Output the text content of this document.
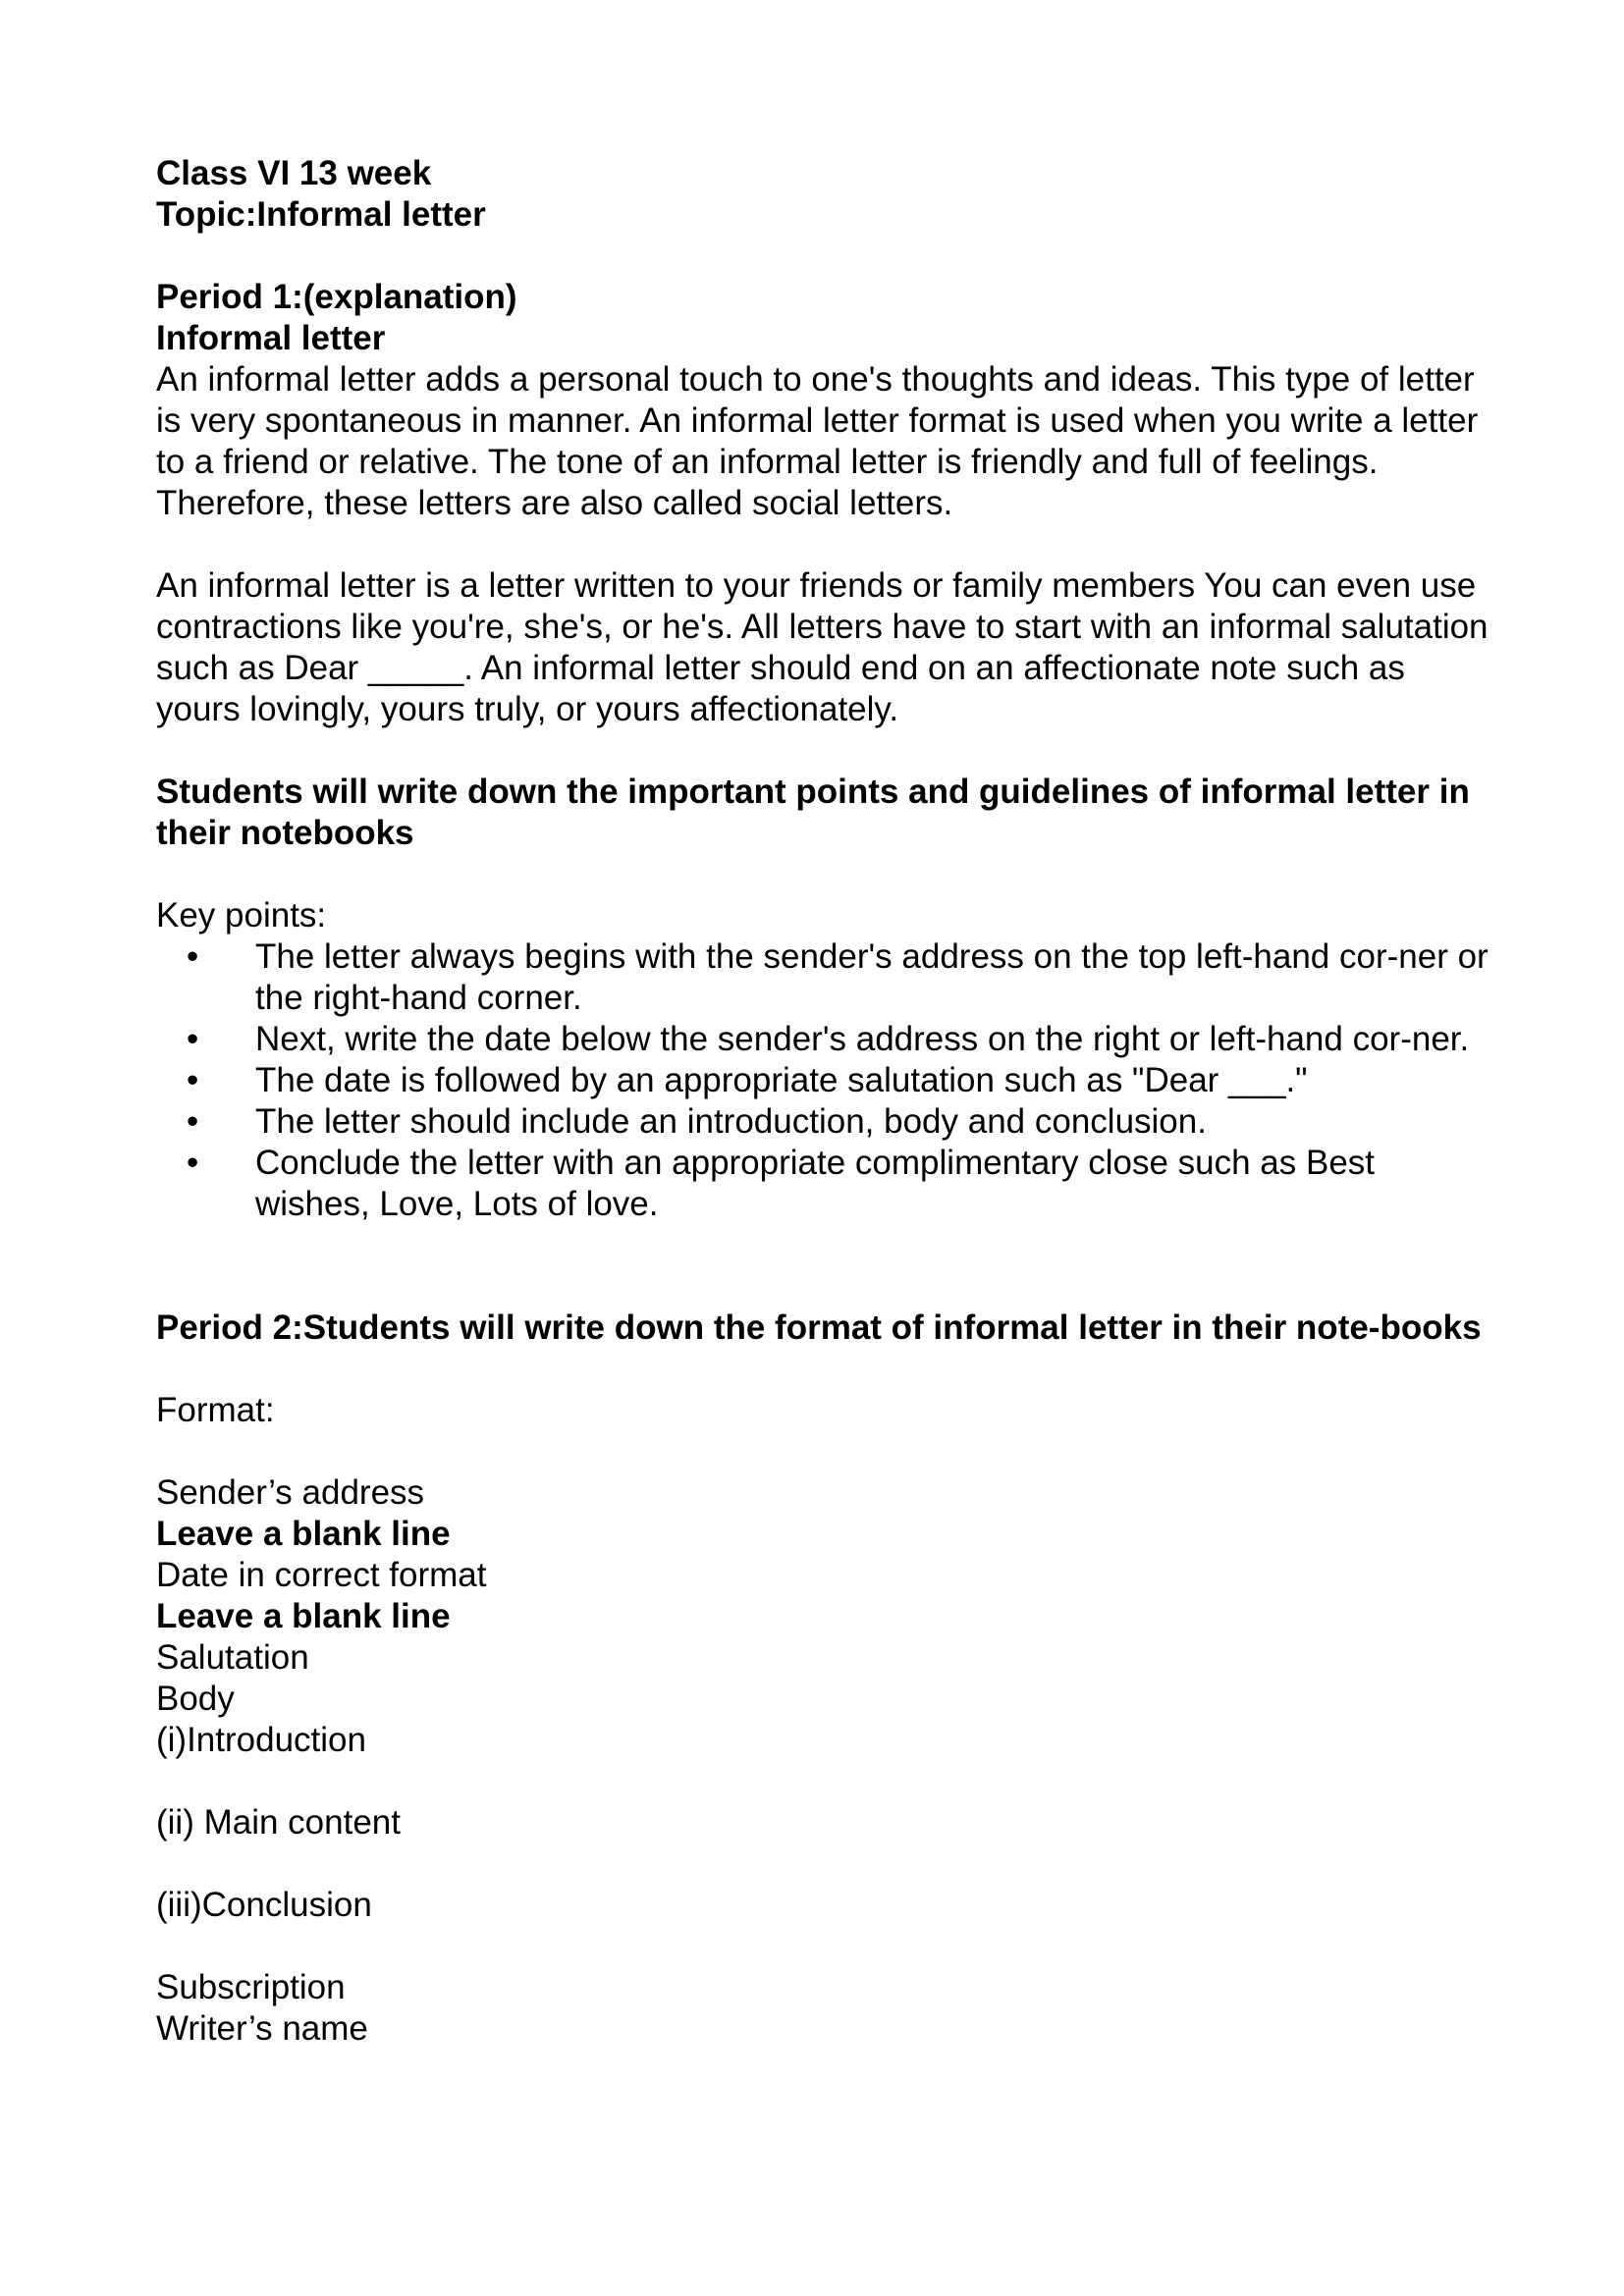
Class VI 13 week
Topic:Informal letter
Period 1:(explanation)
Informal letter

An informal letter adds a personal touch to one's thoughts and ideas. This type of letter is very spontaneous in manner. An informal letter format is used when you write a letter to a friend or relative. The tone of an informal letter is friendly and full of feelings. Therefore, these letters are also called social letters.

An informal letter is a letter written to your friends or family members You can even use contractions like you're, she's, or he's. All letters have to start with an informal salutation such as Dear _____. An informal letter should end on an affectionate note such as yours lovingly, yours truly, or yours affectionately.

Students will write down the important points and guidelines of informal letter in their notebooks

Key points:
• The letter always begins with the sender's address on the top left-hand cor-ner or the right-hand corner.
• Next, write the date below the sender's address on the right or left-hand cor-ner.
• The date is followed by an appropriate salutation such as "Dear ___."
• The letter should include an introduction, body and conclusion.
• Conclude the letter with an appropriate complimentary close such as Best wishes, Love, Lots of love.

Period 2:Students will write down the format of informal letter in their note-books

Format:
Sender’s address
Leave a blank line
Date in correct format
Leave a blank line
Salutation
Body
(i)Introduction
(ii) Main content
(iii)Conclusion
Subscription
Writer’s name
